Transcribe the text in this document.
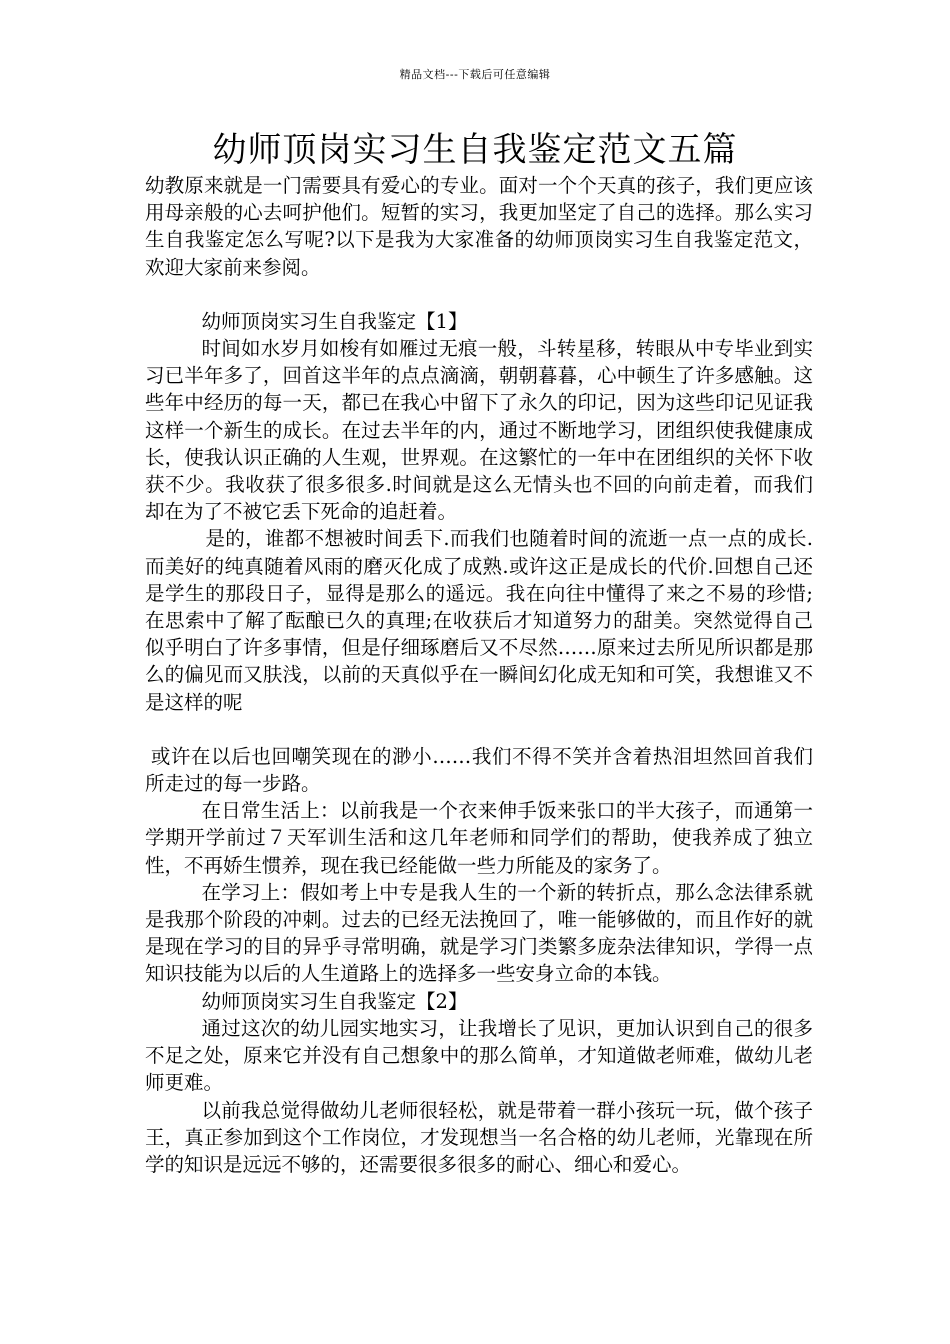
精品文档---下载后可任意编辑
幼师顶岗实习生自我鉴定范文五篇

幼教原来就是一门需要具有爱心的专业。面对一个个天真的孩子，我们更应该用母亲般的心去呵护他们。短暂的实习，我更加坚定了自己的选择。那么实习生自我鉴定怎么写呢?以下是我为大家准备的幼师顶岗实习生自我鉴定范文，欢迎大家前来参阅。

幼师顶岗实习生自我鉴定【1】

时间如水岁月如梭有如雁过无痕一般，斗转星移，转眼从中专毕业到实习已半年多了，回首这半年的点点滴滴，朝朝暮暮，心中顿生了许多感触。这些年中经历的每一天，都已在我心中留下了永久的印记，因为这些印记见证我这样一个新生的成长。在过去半年的内，通过不断地学习，团组织使我健康成长，使我认识正确的人生观，世界观。在这繁忙的一年中在团组织的关怀下收获不少。我收获了很多很多.时间就是这么无情头也不回的向前走着，而我们却在为了不被它丢下死命的追赶着。

是的，谁都不想被时间丢下.而我们也随着时间的流逝一点一点的成长.而美好的纯真随着风雨的磨灭化成了成熟.或许这正是成长的代价.回想自己还是学生的那段日子，显得是那么的遥远。我在向往中懂得了来之不易的珍惜;在思索中了解了酝酿已久的真理;在收获后才知道努力的甜美。突然觉得自己似乎明白了许多事情，但是仔细琢磨后又不尽然……原来过去所见所识都是那么的偏见而又肤浅，以前的天真似乎在一瞬间幻化成无知和可笑，我想谁又不是这样的呢

或许在以后也回嘲笑现在的渺小……我们不得不笑并含着热泪坦然回首我们所走过的每一步路。

在日常生活上：以前我是一个衣来伸手饭来张口的半大孩子，而通第一学期开学前过７天军训生活和这几年老师和同学们的帮助，使我养成了独立性，不再娇生惯养，现在我已经能做一些力所能及的家务了。

在学习上：假如考上中专是我人生的一个新的转折点，那么念法律系就是我那个阶段的冲刺。过去的已经无法挽回了，唯一能够做的，而且作好的就是现在学习的目的异乎寻常明确，就是学习门类繁多庞杂法律知识，学得一点知识技能为以后的人生道路上的选择多一些安身立命的本钱。

幼师顶岗实习生自我鉴定【2】

通过这次的幼儿园实地实习，让我增长了见识，更加认识到自己的很多不足之处，原来它并没有自己想象中的那么简单，才知道做老师难，做幼儿老师更难。

以前我总觉得做幼儿老师很轻松，就是带着一群小孩玩一玩，做个孩子王，真正参加到这个工作岗位，才发现想当一名合格的幼儿老师，光靠现在所学的知识是远远不够的，还需要很多很多的耐心、细心和爱心。
